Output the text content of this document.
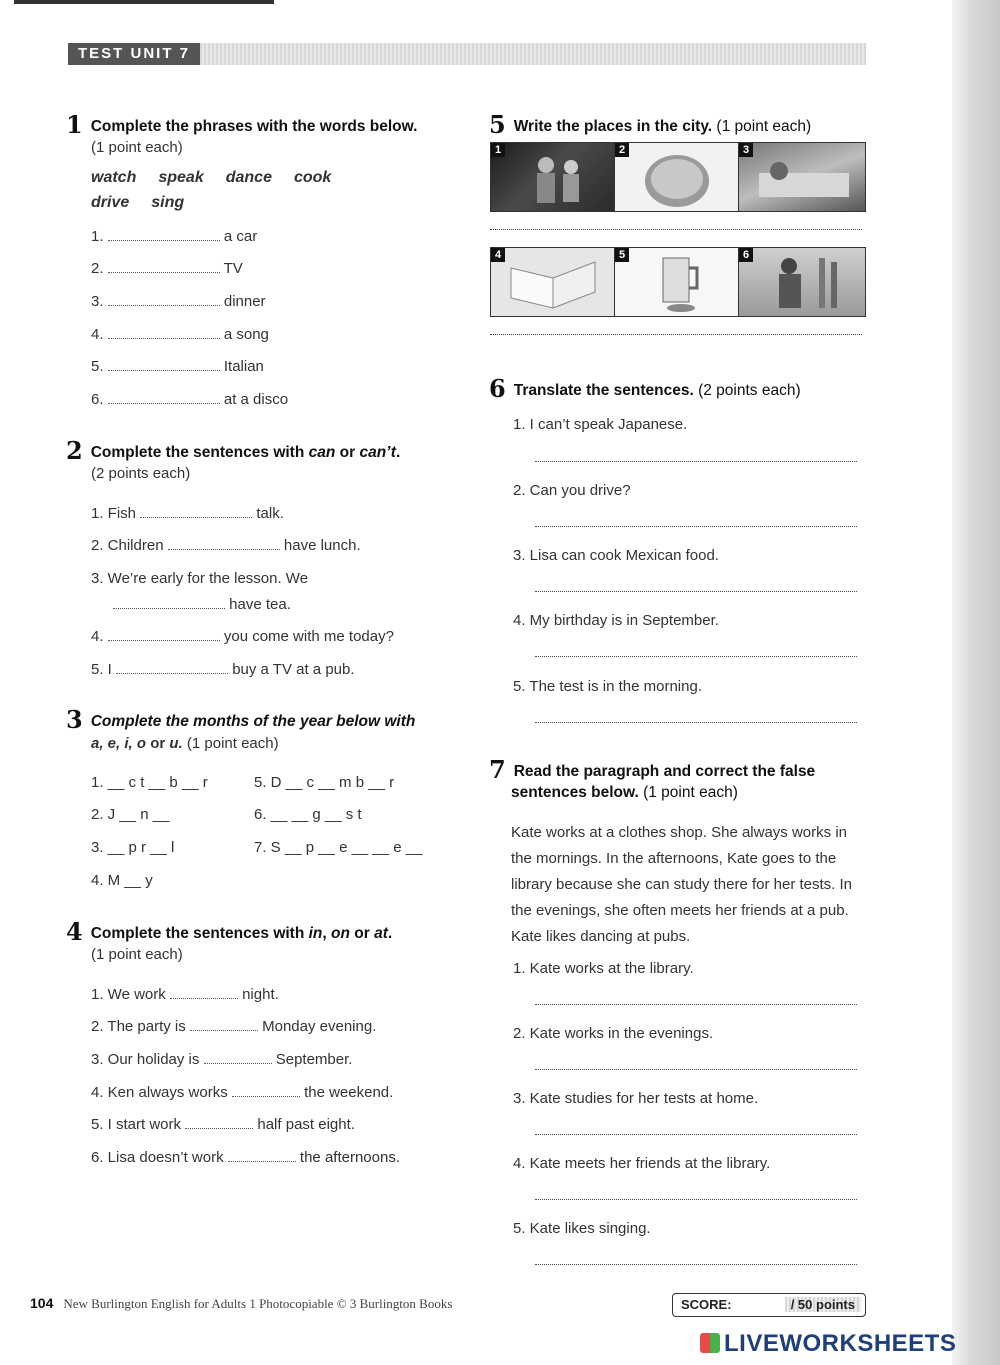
TEST UNIT 7
1 Complete the phrases with the words below.
(1 point each)
watch speak dance cook
drive sing
1.	a car
2.	TV
3.	dinner
4.	a song
5.	Italian
6.	at a disco
2 Complete the sentences with can or can’t.
(2 points each)
1. Fish	talk.
2. Children	have lunch.
3. We’re early for the lesson. We
have tea.
4.	you come with me today?
5. I	buy a TV at a pub.
3 Complete the months of the year below with
a, e, i, o or u. (1 point each)
1. __ c t __ b __ r	5. D __ c __ m b __ r
2. J __ n __	6. __ __ g __ s t
3. __ p r __ l	7. S __ p __ e __ __ e __
4. M __ y
4 Complete the sentences with in, on or at.
(1 point each)
1. We work	night.
2. The party is	Monday evening.
3. Our holiday is	September.
4. Ken always works	the weekend.
5. I start work	half past eight.
6. Lisa doesn’t work	the afternoons.
5 Write the places in the city. (1 point each)
1	2	3
4	5	6
6 Translate the sentences. (2 points each)
1. I can’t speak Japanese.
2. Can you drive?
3. Lisa can cook Mexican food.
4. My birthday is in September.
5. The test is in the morning.
7 Read the paragraph and correct the false
sentences below. (1 point each)
Kate works at a clothes shop. She always works in the mornings. In the afternoons, Kate goes to the library because she can study there for her tests. In the evenings, she often meets her friends at a pub. Kate likes dancing at pubs.
1. Kate works at the library.
2. Kate works in the evenings.
3. Kate studies for her tests at home.
4. Kate meets her friends at the library.
5. Kate likes singing.
104 New Burlington English for Adults 1 Photocopiable © 3 Burlington Books	SCORE:	/ 50 points
LIVEWORKSHEETS
